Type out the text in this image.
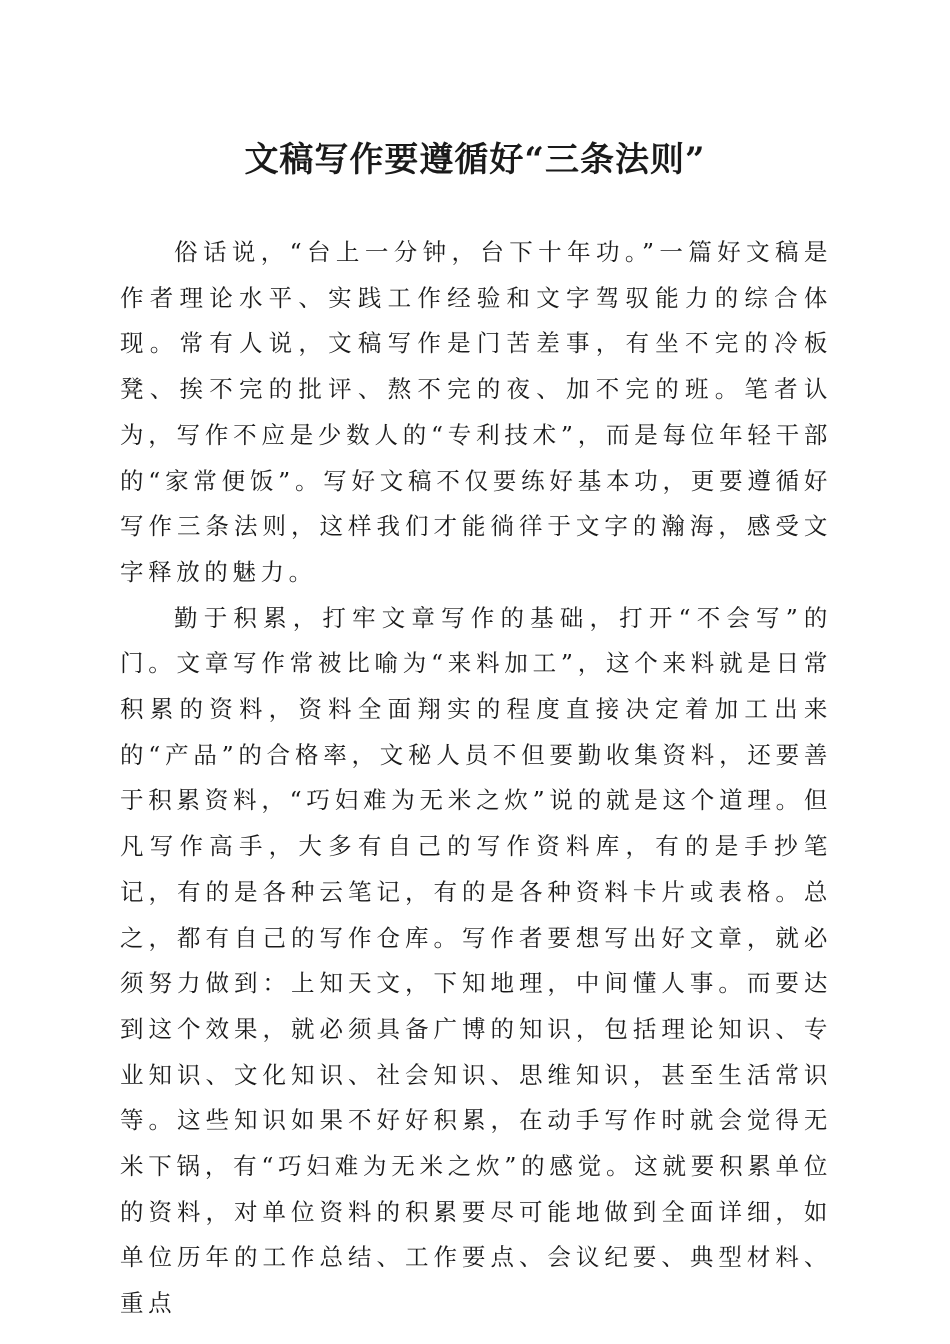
文稿写作要遵循好“三条法则”

俗话说，“台上一分钟，台下十年功。”一篇好文稿是作者理论水平、实践工作经验和文字驾驭能力的综合体现。常有人说，文稿写作是门苦差事，有坐不完的冷板凳、挨不完的批评、熬不完的夜、加不完的班。笔者认为，写作不应是少数人的“专利技术”，而是每位年轻干部的“家常便饭”。写好文稿不仅要练好基本功，更要遵循好写作三条法则，这样我们才能徜徉于文字的瀚海，感受文字释放的魅力。

勤于积累，打牢文章写作的基础，打开“不会写”的门。文章写作常被比喻为“来料加工”，这个来料就是日常积累的资料，资料全面翔实的程度直接决定着加工出来的“产品”的合格率，文秘人员不但要勤收集资料，还要善于积累资料，“巧妇难为无米之炊”说的就是这个道理。但凡写作高手，大多有自己的写作资料库，有的是手抄笔记，有的是各种云笔记，有的是各种资料卡片或表格。总之，都有自己的写作仓库。写作者要想写出好文章，就必须努力做到：上知天文，下知地理，中间懂人事。而要达到这个效果，就必须具备广博的知识，包括理论知识、专业知识、文化知识、社会知识、思维知识，甚至生活常识等。这些知识如果不好好积累，在动手写作时就会觉得无米下锅，有“巧妇难为无米之炊”的感觉。这就要积累单位的资料，对单位资料的积累要尽可能地做到全面详细，如单位历年的工作总结、工作要点、会议纪要、典型材料、重点
